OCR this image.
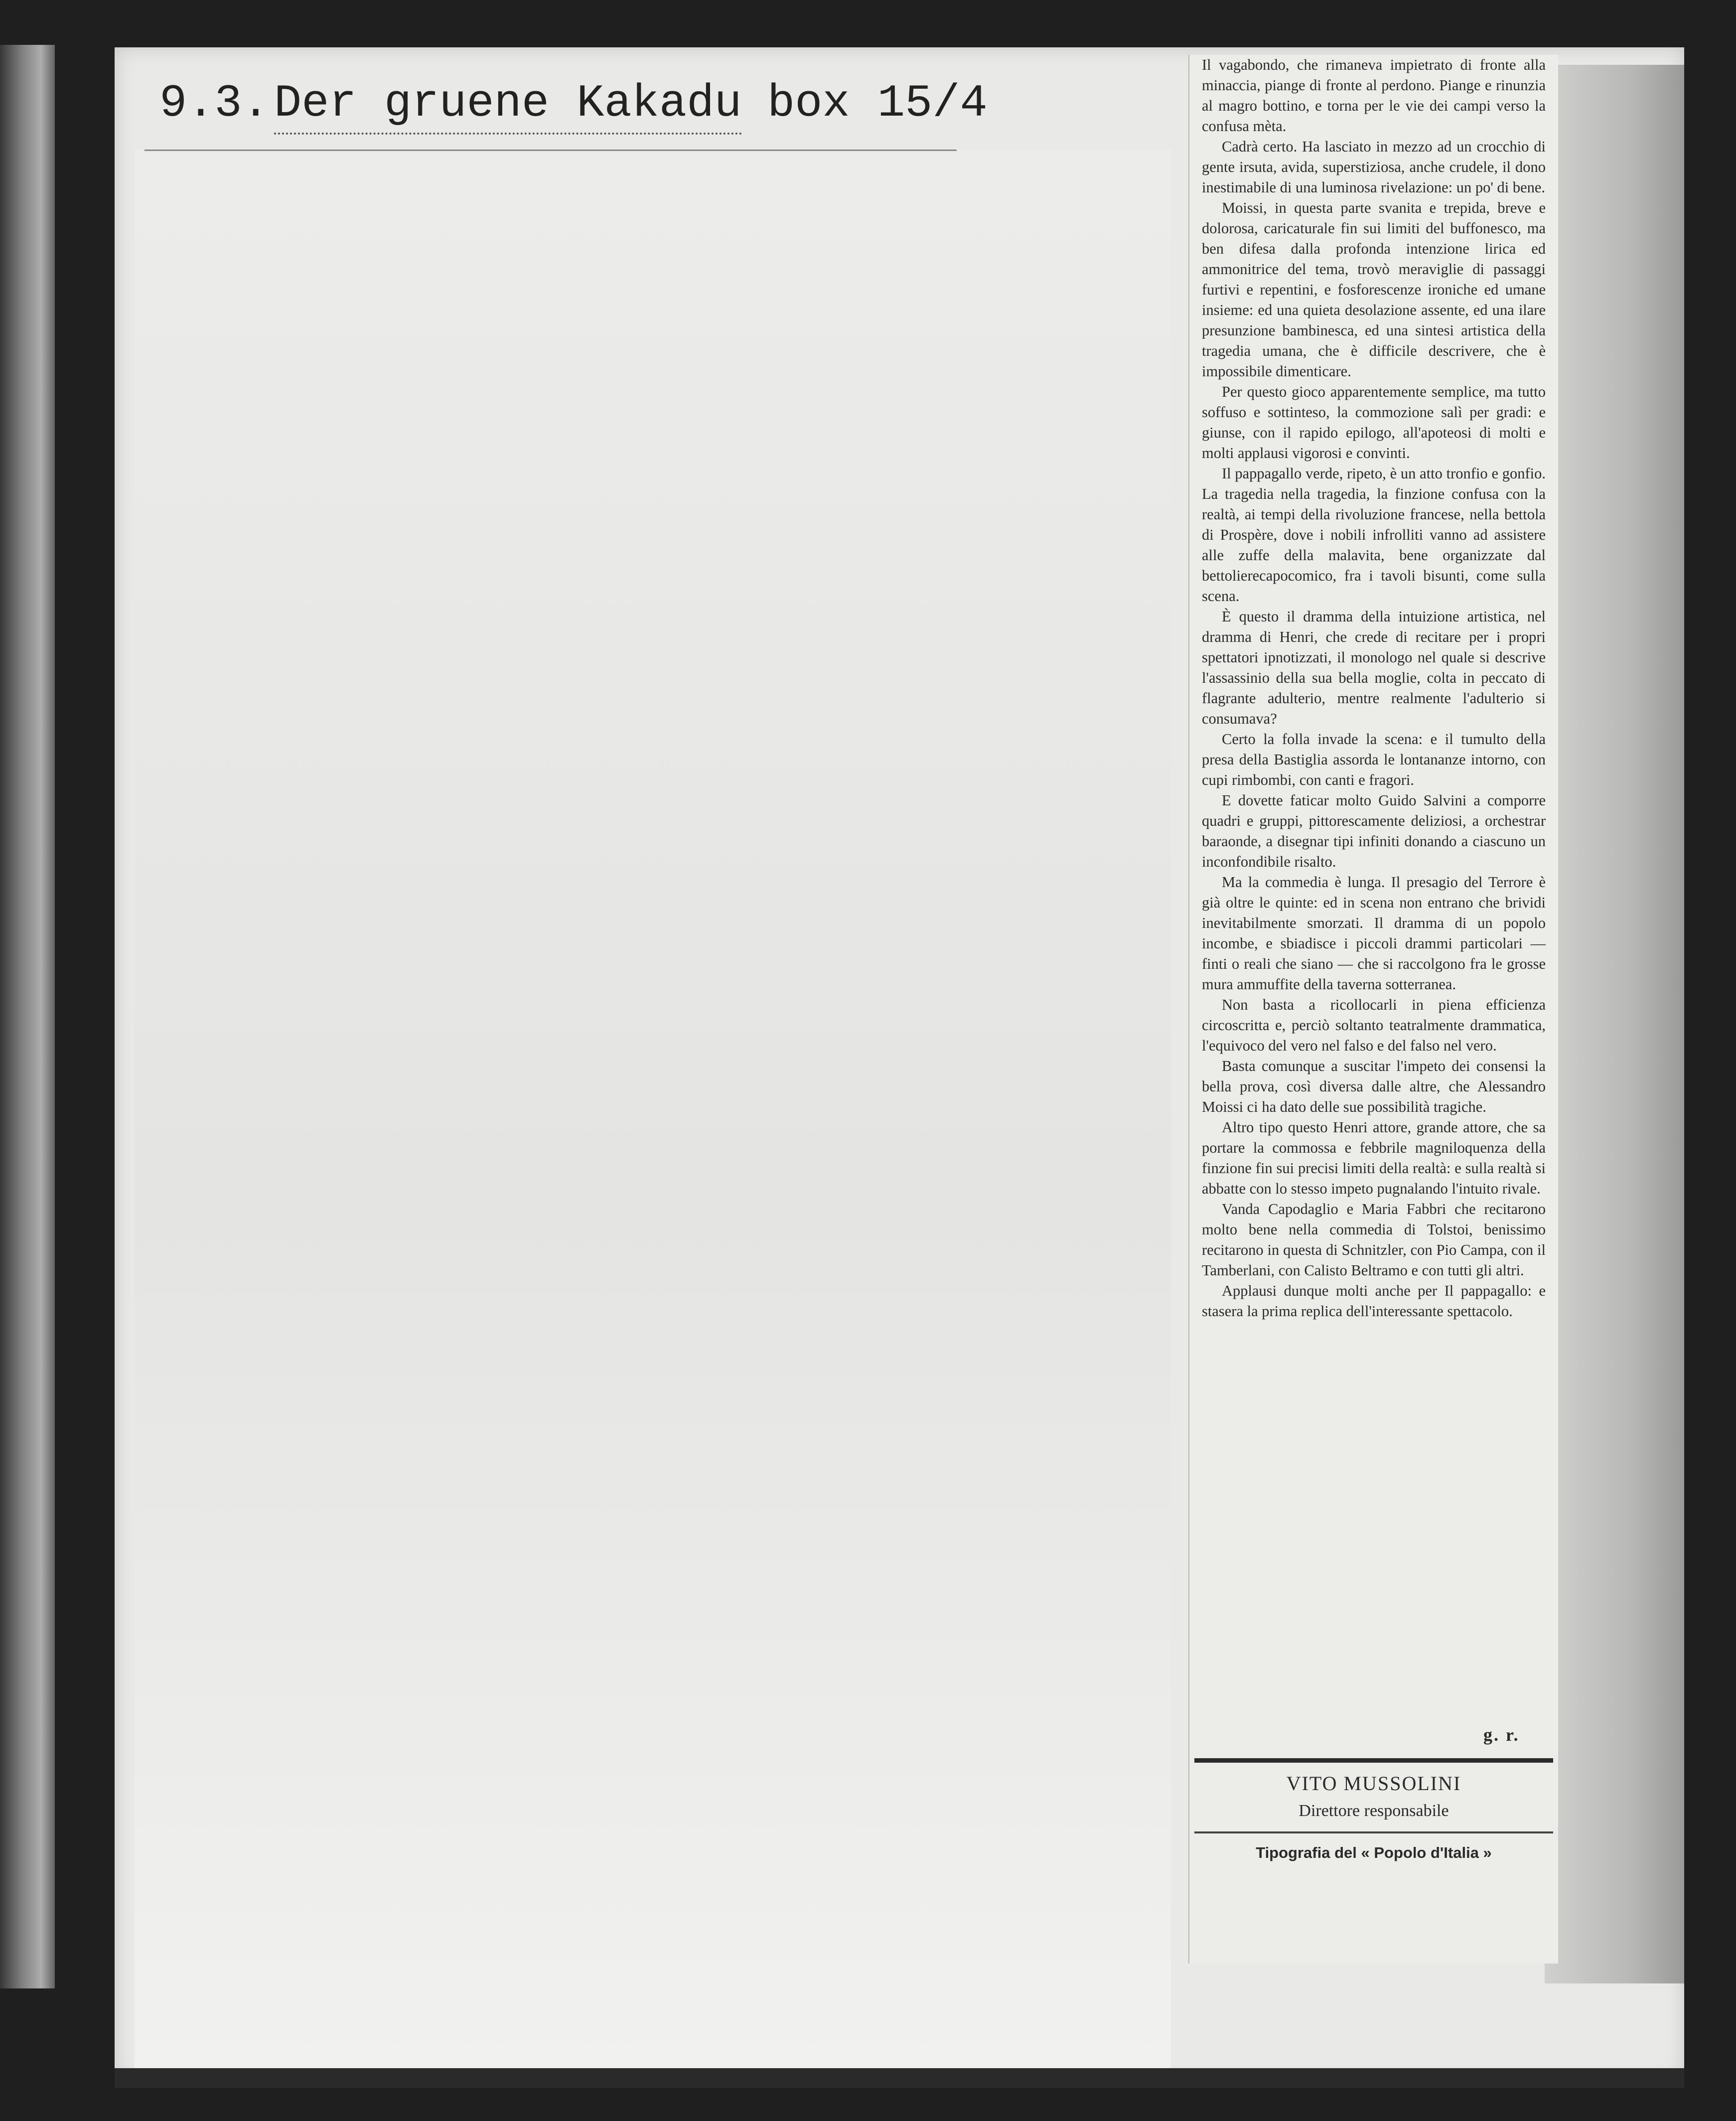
9.3. Der gruene Kakadu box 15/4

Il vagabondo, che rimaneva impietrato di fronte alla minaccia, piange di fronte al perdono. Piange e rinunzia al magro bottino, e torna per le vie dei campi verso la confusa mèta.

Cadrà certo. Ha lasciato in mezzo ad un crocchio di gente irsuta, avida, superstiziosa, anche crudele, il dono inestimabile di una luminosa rivelazione: un po' di bene.

Moissi, in questa parte svanita e trepida, breve e dolorosa, caricaturale fin sui limiti del buffonesco, ma ben difesa dalla profonda intenzione lirica ed ammonitrice del tema, trovò meraviglie di passaggi furtivi e repentini, e fosforescenze ironiche ed umane insieme: ed una quieta desolazione assente, ed una ilare presunzione bambinesca, ed una sintesi artistica della tragedia umana, che è difficile descrivere, che è impossibile dimenticare.

Per questo gioco apparentemente semplice, ma tutto soffuso e sottinteso, la commozione salì per gradi: e giunse, con il rapido epilogo, all'apoteosi di molti e molti applausi vigorosi e convinti.

Il pappagallo verde, ripeto, è un atto tronfio e gonfio. La tragedia nella tragedia, la finzione confusa con la realtà, ai tempi della rivoluzione francese, nella bettola di Prospère, dove i nobili infrolliti vanno ad assistere alle zuffe della malavita, bene organizzate dal bettolierecapocomico, fra i tavoli bisunti, come sulla scena.

È questo il dramma della intuizione artistica, nel dramma di Henri, che crede di recitare per i propri spettatori ipnotizzati, il monologo nel quale si descrive l'assassinio della sua bella moglie, colta in peccato di flagrante adulterio, mentre realmente l'adulterio si consumava?

Certo la folla invade la scena: e il tumulto della presa della Bastiglia assorda le lontananze intorno, con cupi rimbombi, con canti e fragori.

E dovette faticar molto Guido Salvini a comporre quadri e gruppi, pittorescamente deliziosi, a orchestrar baraonde, a disegnar tipi infiniti donando a ciascuno un inconfondibile risalto.

Ma la commedia è lunga. Il presagio del Terrore è già oltre le quinte: ed in scena non entrano che brividi inevitabilmente smorzati. Il dramma di un popolo incombe, e sbiadisce i piccoli drammi particolari — finti o reali che siano — che si raccolgono fra le grosse mura ammuffite della taverna sotterranea.

Non basta a ricollocarli in piena efficienza circoscritta e, perciò soltanto teatralmente drammatica, l'equivoco del vero nel falso e del falso nel vero.

Basta comunque a suscitar l'impeto dei consensi la bella prova, così diversa dalle altre, che Alessandro Moissi ci ha dato delle sue possibilità tragiche.

Altro tipo questo Henri attore, grande attore, che sa portare la commossa e febbrile magniloquenza della finzione fin sui precisi limiti della realtà: e sulla realtà si abbatte con lo stesso impeto pugnalando l'intuito rivale.

Vanda Capodaglio e Maria Fabbri che recitarono molto bene nella commedia di Tolstoi, benissimo recitarono in questa di Schnitzler, con Pio Campa, con il Tamberlani, con Calisto Beltramo e con tutti gli altri.

Applausi dunque molti anche per Il pappagallo: e stasera la prima replica dell'interessante spettacolo.

g. r.
VITO MUSSOLINI
Direttore responsabile
Tipografia del « Popolo d'Italia »
